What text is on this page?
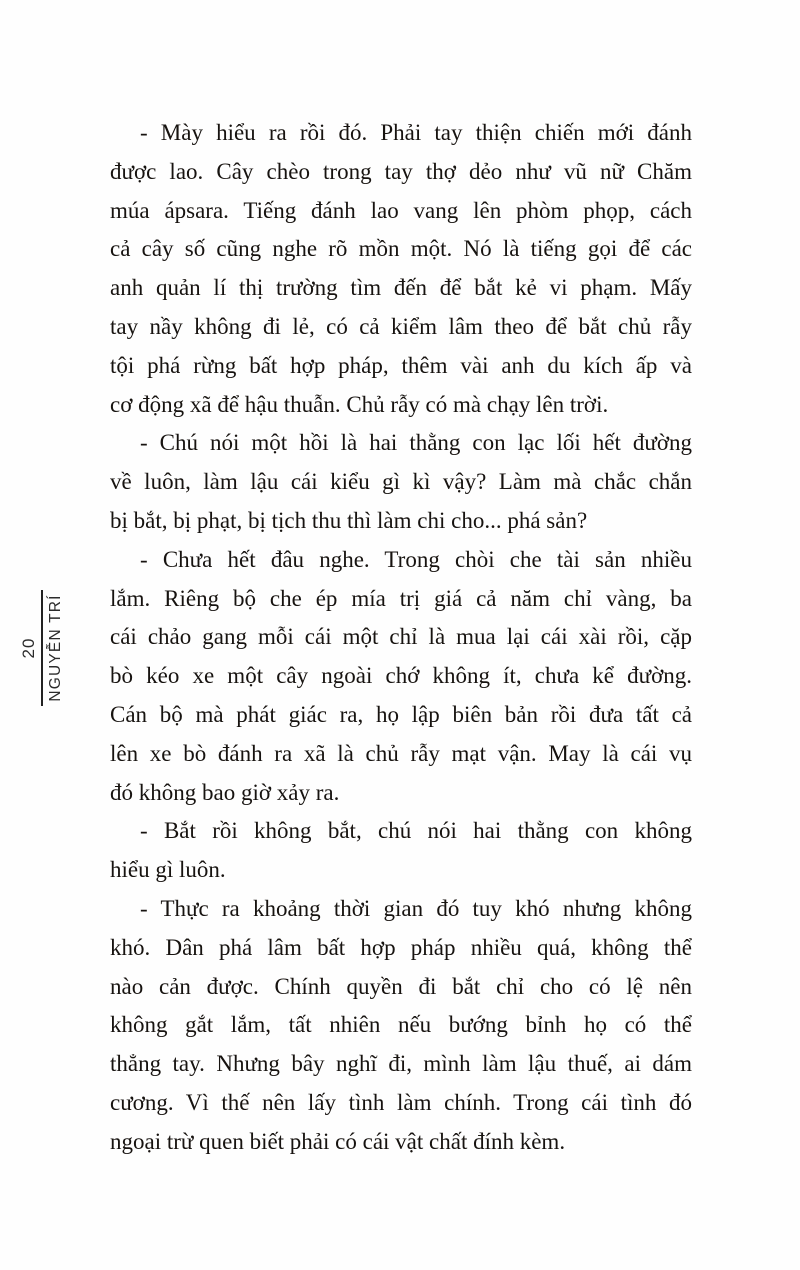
20 NGUYỄN TRÍ
- Mày hiểu ra rồi đó. Phải tay thiện chiến mới đánh
được lao. Cây chèo trong tay thợ dẻo như vũ nữ Chăm
múa ápsara. Tiếng đánh lao vang lên phòm phọp, cách
cả cây số cũng nghe rõ mồn một. Nó là tiếng gọi để các
anh quản lí thị trường tìm đến để bắt kẻ vi phạm. Mấy
tay nầy không đi lẻ, có cả kiểm lâm theo để bắt chủ rẫy
tội phá rừng bất hợp pháp, thêm vài anh du kích ấp và
cơ động xã để hậu thuẫn. Chủ rẫy có mà chạy lên trời.
- Chú nói một hồi là hai thằng con lạc lối hết đường
về luôn, làm lậu cái kiểu gì kì vậy? Làm mà chắc chắn
bị bắt, bị phạt, bị tịch thu thì làm chi cho... phá sản?
- Chưa hết đâu nghe. Trong chòi che tài sản nhiều
lắm. Riêng bộ che ép mía trị giá cả năm chỉ vàng, ba
cái chảo gang mỗi cái một chỉ là mua lại cái xài rồi, cặp
bò kéo xe một cây ngoài chớ không ít, chưa kể đường.
Cán bộ mà phát giác ra, họ lập biên bản rồi đưa tất cả
lên xe bò đánh ra xã là chủ rẫy mạt vận. May là cái vụ
đó không bao giờ xảy ra.
- Bắt rồi không bắt, chú nói hai thằng con không
hiểu gì luôn.
- Thực ra khoảng thời gian đó tuy khó nhưng không
khó. Dân phá lâm bất hợp pháp nhiều quá, không thể
nào cản được. Chính quyền đi bắt chỉ cho có lệ nên
không gắt lắm, tất nhiên nếu bướng bỉnh họ có thể
thẳng tay. Nhưng bây nghĩ đi, mình làm lậu thuế, ai dám
cương. Vì thế nên lấy tình làm chính. Trong cái tình đó
ngoại trừ quen biết phải có cái vật chất đính kèm.
